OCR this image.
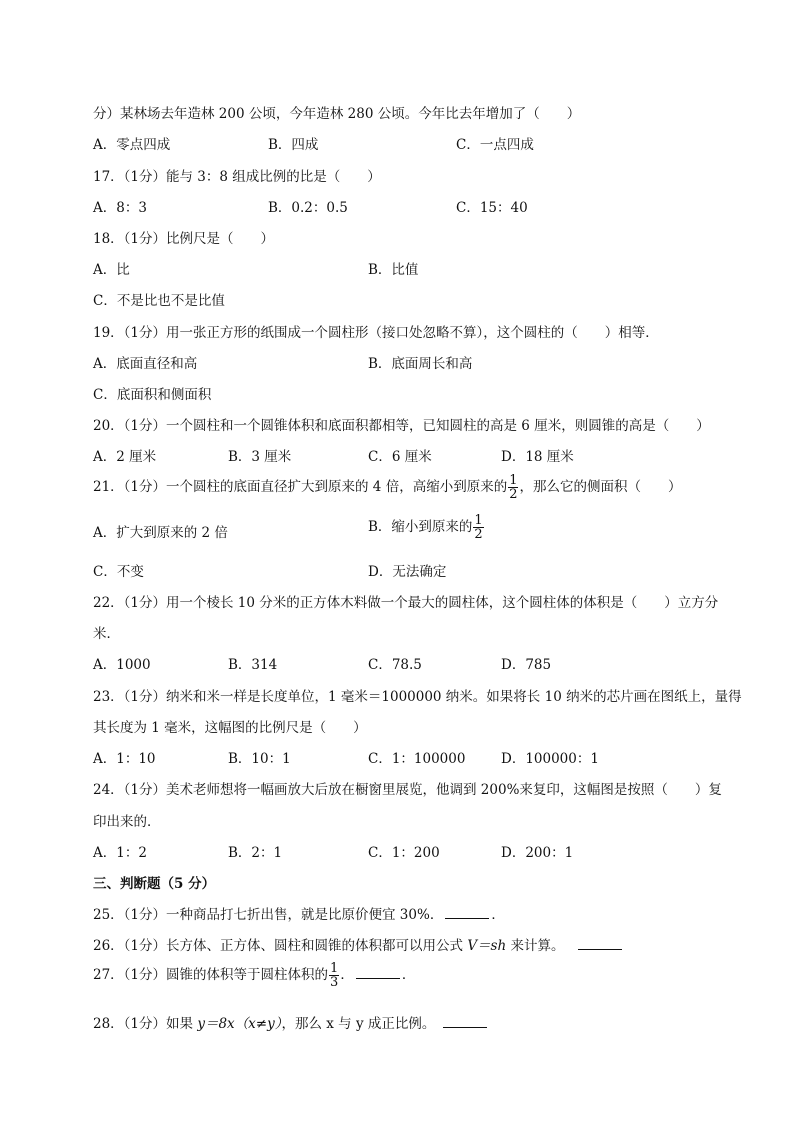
分）某林场去年造林 200 公顷，今年造林 280 公顷。今年比去年增加了（　　）
A．零点四成	B．四成	C．一点四成
17．（1分）能与 3：8 组成比例的比是（　　）
A．8：3	B．0.2：0.5	C．15：40
18．（1分）比例尺是（　　）
A．比	B．比值
C．不是比也不是比值
19．（1分）用一张正方形的纸围成一个圆柱形（接口处忽略不算），这个圆柱的（　　）相等．
A．底面直径和高	B．底面周长和高
C．底面积和侧面积
20．（1分）一个圆柱和一个圆锥体积和底面积都相等，已知圆柱的高是 6 厘米，则圆锥的高是（　　）
A．2 厘米	B．3 厘米	C．6 厘米	D．18 厘米
21．（1分）一个圆柱的底面直径扩大到原来的 4 倍，高缩小到原来的 $\frac{1}{2}$ ，那么它的侧面积（　　）
A．扩大到原来的 2 倍	B．缩小到原来的 $\frac{1}{2}$
C．不变	D．无法确定
22．（1分）用一个棱长 10 分米的正方体木料做一个最大的圆柱体，这个圆柱体的体积是（　　）立方分
米．
A．1000	B．314	C．78.5	D．785
23．（1分）纳米和米一样是长度单位，1 毫米＝1000000 纳米。如果将长 10 纳米的芯片画在图纸上，量得
其长度为 1 毫米，这幅图的比例尺是（　　）
A．1：10	B．10：1	C．1：100000	D．100000：1
24．（1分）美术老师想将一幅画放大后放在橱窗里展览，他调到 200%来复印，这幅图是按照（　　）复
印出来的．
A．1：2	B．2：1	C．1：200	D．200：1
三、判断题（5 分）
25．（1分）一种商品打七折出售，就是比原价便宜 30%．	．
26．（1分）长方体、正方体、圆柱和圆锥的体积都可以用公式 V＝sh 来计算。
27．（1分）圆锥的体积等于圆柱体积的 $\frac{1}{3}$ ．	．
28．（1分）如果 y＝8x（x≠y），那么 x 与 y 成正比例。
